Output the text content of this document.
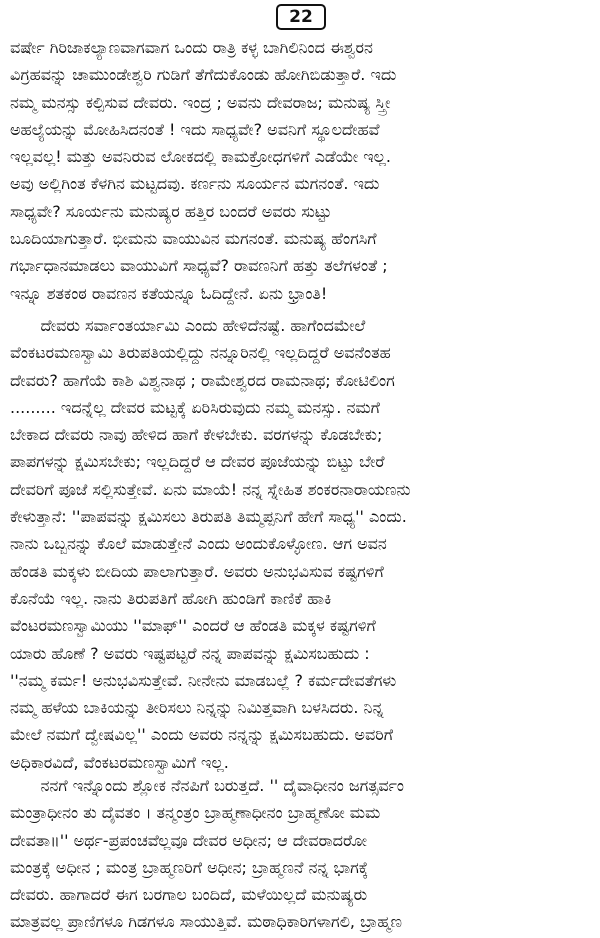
22
ವರ್ಷೇ ಗಿರಿಜಾಕಲ್ಯಾಣವಾಗವಾಗ ಒಂದು ರಾತ್ರಿ ಕಳ್ಳ ಬಾಗಿಲಿನಿಂದ ಈಶ್ವರನ
ವಿಗ್ರಹವನ್ನು ಚಾಮುಂಡೇಶ್ವರಿ ಗುಡಿಗೆ ತೆಗೆದುಕೊಂಡು ಹೋಗಿಬಿಡುತ್ತಾರೆ. ಇದು
ನಮ್ಮ ಮನಸ್ಸು ಕಲ್ಪಿಸುವ ದೇವರು. ಇಂದ್ರ ; ಅವನು ದೇವರಾಜ; ಮನುಷ್ಯ ಸ್ತ್ರೀ
ಅಹಲ್ಯೆಯನ್ನು ಮೋಹಿಸಿದನಂತೆ ! ಇದು ಸಾಧ್ಯವೇ? ಅವನಿಗೆ ಸ್ಥೂಲದೇಹವೆ
ಇಲ್ಲವಲ್ಲ! ಮತ್ತು ಅವನಿರುವ ಲೋಕದಲ್ಲಿ ಕಾಮಕ್ರೋಧಗಳಿಗೆ ಎಡೆಯೇ ಇಲ್ಲ.
ಅವು ಅಲ್ಲಿಗಿಂತ ಕೆಳಗಿನ ಮಟ್ಟದವು. ಕರ್ಣನು ಸೂರ್ಯನ ಮಗನಂತೆ. ಇದು
ಸಾಧ್ಯವೇ? ಸೂರ್ಯನು ಮನುಷ್ಯರ ಹತ್ತಿರ ಬಂದರೆ ಅವರು ಸುಟ್ಟು
ಬೂದಿಯಾಗುತ್ತಾರೆ. ಭೀಮನು ವಾಯುವಿನ ಮಗನಂತೆ. ಮನುಷ್ಯ ಹೆಂಗಸಿಗೆ
ಗರ್ಭಾಧಾನಮಾಡಲು ವಾಯುವಿಗೆ ಸಾಧ್ಯವೆ? ರಾವಣನಿಗೆ ಹತ್ತು ತಲೆಗಳಂತೆ ;
ಇನ್ನೂ ಶತಕಂಠ ರಾವಣನ ಕತೆಯನ್ನೂ ಓದಿದ್ದೇನೆ. ಏನು ಭ್ರಾಂತಿ!
ದೇವರು ಸರ್ವಾಂತರ್ಯಾಮಿ ಎಂದು ಹೇಳಿದೆನಷ್ಟೆ. ಹಾಗೆಂದಮೇಲೆ
ವೆಂಕಟರಮಣಸ್ವಾಮಿ ತಿರುಪತಿಯಲ್ಲಿದ್ದು ನನ್ನೂರಿನಲ್ಲಿ ಇಲ್ಲದಿದ್ದರೆ ಅವನೆಂತಹ
ದೇವರು? ಹಾಗೆಯೆ ಕಾಶಿ ವಿಶ್ವನಾಥ ; ರಾಮೇಶ್ವರದ ರಾಮನಾಥ; ಕೋಟಿಲಿಂಗ
......... ಇದನ್ನೆಲ್ಲ ದೇವರ ಮಟ್ಟಕ್ಕೆ ಏರಿಸಿರುವುದು ನಮ್ಮ ಮನಸ್ಸು. ನಮಗೆ
ಬೇಕಾದ ದೇವರು ನಾವು ಹೇಳಿದ ಹಾಗೆ ಕೇಳಬೇಕು. ವರಗಳನ್ನು ಕೊಡಬೇಕು;
ಪಾಪಗಳನ್ನು ಕ್ಷಮಿಸಬೇಕು; ಇಲ್ಲದಿದ್ದರೆ ಆ ದೇವರ ಪೂಜೆಯನ್ನು ಬಿಟ್ಟು ಬೇರೆ
ದೇವರಿಗೆ ಪೂಜೆ ಸಲ್ಲಿಸುತ್ತೇವೆ. ಏನು ಮಾಯೆ! ನನ್ನ ಸ್ನೇಹಿತ ಶಂಕರನಾರಾಯಣನು
ಕೇಳುತ್ತಾನೆ: ''ಪಾಪವನ್ನು ಕ್ಷಮಿಸಲು ತಿರುಪತಿ ತಿಮ್ಮಪ್ಪನಿಗೆ ಹೇಗೆ ಸಾಧ್ಯ'' ಎಂದು.
ನಾನು ಒಬ್ಬನನ್ನು ಕೊಲೆ ಮಾಡುತ್ತೇನೆ ಎಂದು ಅಂದುಕೊಳ್ಳೋಣ. ಆಗ ಅವನ
ಹೆಂಡತಿ ಮಕ್ಕಳು ಬೀದಿಯ ಪಾಲಾಗುತ್ತಾರೆ. ಅವರು ಅನುಭವಿಸುವ ಕಷ್ಟಗಳಿಗೆ
ಕೊನೆಯೆ ಇಲ್ಲ. ನಾನು ತಿರುಪತಿಗೆ ಹೋಗಿ ಹುಂಡಿಗೆ ಕಾಣಿಕೆ ಹಾಕಿ
ವೆಂಟರಮಣಸ್ವಾಮಿಯು ''ಮಾಫ್'' ಎಂದರೆ ಆ ಹೆಂಡತಿ ಮಕ್ಕಳ ಕಷ್ಟಗಳಿಗೆ
ಯಾರು ಹೊಣೆ ? ಅವರು ಇಷ್ಟಪಟ್ಟರೆ ನನ್ನ ಪಾಪವನ್ನು ಕ್ಷಮಿಸಬಹುದು :
''ನಮ್ಮ ಕರ್ಮ! ಅನುಭವಿಸುತ್ತೇವೆ. ನೀನೇನು ಮಾಡಬಲ್ಲೆ ? ಕರ್ಮದೇವತೆಗಳು
ನಮ್ಮ ಹಳೆಯ ಬಾಕಿಯನ್ನು ತೀರಿಸಲು ನಿನ್ನನ್ನು ನಿಮಿತ್ತವಾಗಿ ಬಳಸಿದರು. ನಿನ್ನ
ಮೇಲೆ ನಮಗೆ ದ್ವೇಷವಿಲ್ಲ'' ಎಂದು ಅವರು ನನ್ನನ್ನು ಕ್ಷಮಿಸಬಹುದು. ಅವರಿಗೆ
ಅಧಿಕಾರವಿದೆ, ವೆಂಕಟರಮಣಸ್ವಾಮಿಗೆ ಇಲ್ಲ.
ನನಗೆ ಇನ್ನೊಂದು ಶ್ಲೋಕ ನೆನಪಿಗೆ ಬರುತ್ತದೆ. '' ದೈವಾಧೀನಂ ಜಗತ್ಸರ್ವಂ
ಮಂತ್ರಾಧೀನಂ ತು ದೈವತಂ । ತನ್ಮಂತ್ರಂ ಬ್ರಾಹ್ಮಣಾಧೀನಂ ಬ್ರಾಹ್ಮಣೋ ಮಮ
ದೇವತಾ॥'' ಅರ್ಥ-ಪ್ರಪಂಚವೆಲ್ಲವೂ ದೇವರ ಅಧೀನ; ಆ ದೇವರಾದರೋ
ಮಂತ್ರಕ್ಕೆ ಅಧೀನ ; ಮಂತ್ರ ಬ್ರಾಹ್ಮಣರಿಗೆ ಅಧೀನ; ಬ್ರಾಹ್ಮಣನೆ ನನ್ನ ಭಾಗಕ್ಕೆ
ದೇವರು. ಹಾಗಾದರೆ ಈಗ ಬರಗಾಲ ಬಂದಿದೆ, ಮಳೆಯಿಲ್ಲದೆ ಮನುಷ್ಯರು
ಮಾತ್ರವಲ್ಲ ಪ್ರಾಣಿಗಳೂ ಗಿಡಗಳೂ ಸಾಯುತ್ತಿವೆ. ಮಠಾಧಿಕಾರಿಗಳಾಗಲಿ, ಬ್ರಾಹ್ಮಣ
